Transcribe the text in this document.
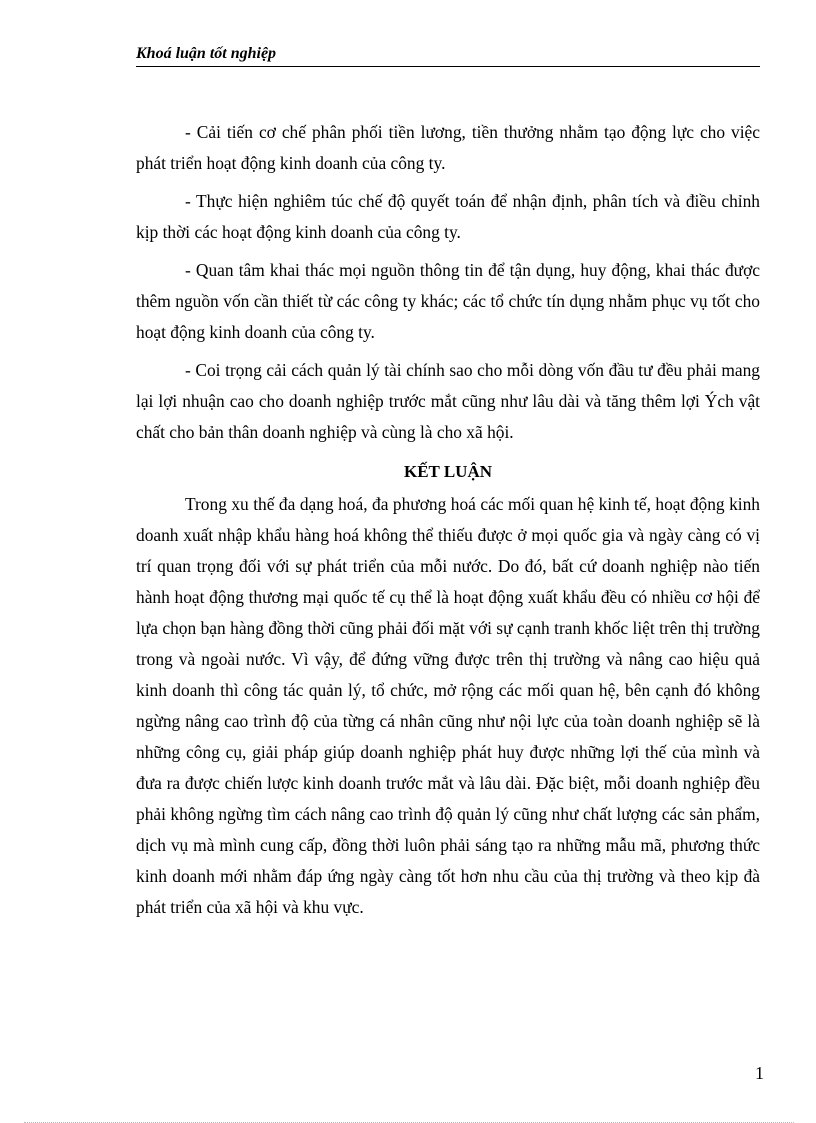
Khoá luận tốt nghiệp

- Cải tiến cơ chế phân phối tiền lương, tiền thưởng nhằm tạo động lực cho việc phát triển hoạt động kinh doanh của công ty.

- Thực hiện nghiêm túc chế độ quyết toán để nhận định, phân tích và điều chỉnh kịp thời các hoạt động kinh doanh của công ty.

- Quan tâm khai thác mọi nguồn thông tin để tận dụng, huy động, khai thác được thêm nguồn vốn cần thiết từ các công ty khác; các tổ chức tín dụng nhằm phục vụ tốt cho hoạt động kinh doanh của công ty.

- Coi trọng cải cách quản lý tài chính sao cho mỗi dòng vốn đầu tư đều phải mang lại lợi nhuận cao cho doanh nghiệp trước mắt cũng như lâu dài và tăng thêm lợi Ých vật chất cho bản thân doanh nghiệp và cùng là cho xã hội.

KẾT LUẬN

Trong xu thế đa dạng hoá, đa phương hoá các mối quan hệ kinh tế, hoạt động kinh doanh xuất nhập khẩu hàng hoá không thể thiếu được ở mọi quốc gia và ngày càng có vị trí quan trọng đối với sự phát triển của mỗi nước. Do đó, bất cứ doanh nghiệp nào tiến hành hoạt động thương mại quốc tế cụ thể là hoạt động xuất khẩu đều có nhiều cơ hội để lựa chọn bạn hàng đồng thời cũng phải đối mặt với sự cạnh tranh khốc liệt trên thị trường trong và ngoài nước. Vì vậy, để đứng vững được trên thị trường và nâng cao hiệu quả kinh doanh thì công tác quản lý, tổ chức, mở rộng các mối quan hệ, bên cạnh đó không ngừng nâng cao trình độ của từng cá nhân cũng như nội lực của toàn doanh nghiệp sẽ là những công cụ, giải pháp giúp doanh nghiệp phát huy được những lợi thế của mình và đưa ra được chiến lược kinh doanh trước mắt và lâu dài. Đặc biệt, mỗi doanh nghiệp đều phải không ngừng tìm cách nâng cao trình độ quản lý cũng như chất lượng các sản phẩm, dịch vụ mà mình cung cấp, đồng thời luôn phải sáng tạo ra những mẫu mã, phương thức kinh doanh mới nhằm đáp ứng ngày càng tốt hơn nhu cầu của thị trường và theo kịp đà phát triển của xã hội và khu vực.

1
